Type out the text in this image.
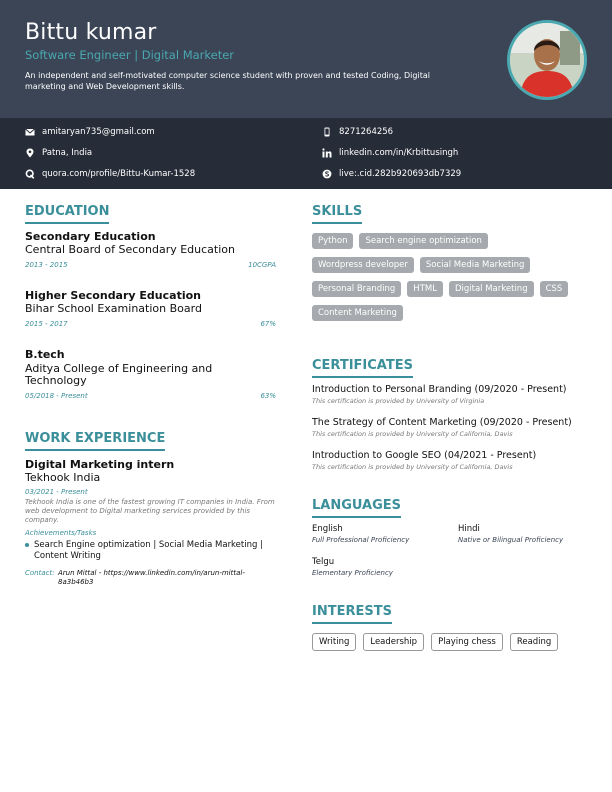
Bittu kumar
Software Engineer | Digital Marketer
An independent and self-motivated computer science student with proven and tested Coding, Digital marketing and Web Development skills.
amitaryan735@gmail.com	8271264256
Patna, India	linkedin.com/in/Krbittusingh
quora.com/profile/Bittu-Kumar-1528	live:.cid.282b920693db7329
EDUCATION
Secondary Education
Central Board of Secondary Education
2013 - 2015	10CGPA
Higher Secondary Education
Bihar School Examination Board
2015 - 2017	67%
B.tech
Aditya College of Engineering and Technology
05/2018 - Present	63%
WORK EXPERIENCE
Digital Marketing intern
Tekhook India
03/2021 - Present
Tekhook India is one of the fastest growing IT companies in India. From web development to Digital marketing services provided by this company.
Achievements/Tasks
Search Engine optimization | Social Media Marketing | Content Writing
Contact: Arun Mittal - https://www.linkedin.com/in/arun-mittal-8a3b46b3
SKILLS
Python	Search engine optimization
Wordpress developer	Social Media Marketing
Personal Branding	HTML	Digital Marketing	CSS
Content Marketing
CERTIFICATES
Introduction to Personal Branding (09/2020 - Present)
This certification is provided by University of Virginia
The Strategy of Content Marketing (09/2020 - Present)
This certification is provided by University of California, Davis
Introduction to Google SEO (04/2021 - Present)
This certification is provided by University of California, Davis
LANGUAGES
English
Full Professional Proficiency
Hindi
Native or Bilingual Proficiency
Telgu
Elementary Proficiency
INTERESTS
Writing	Leadership	Playing chess	Reading
